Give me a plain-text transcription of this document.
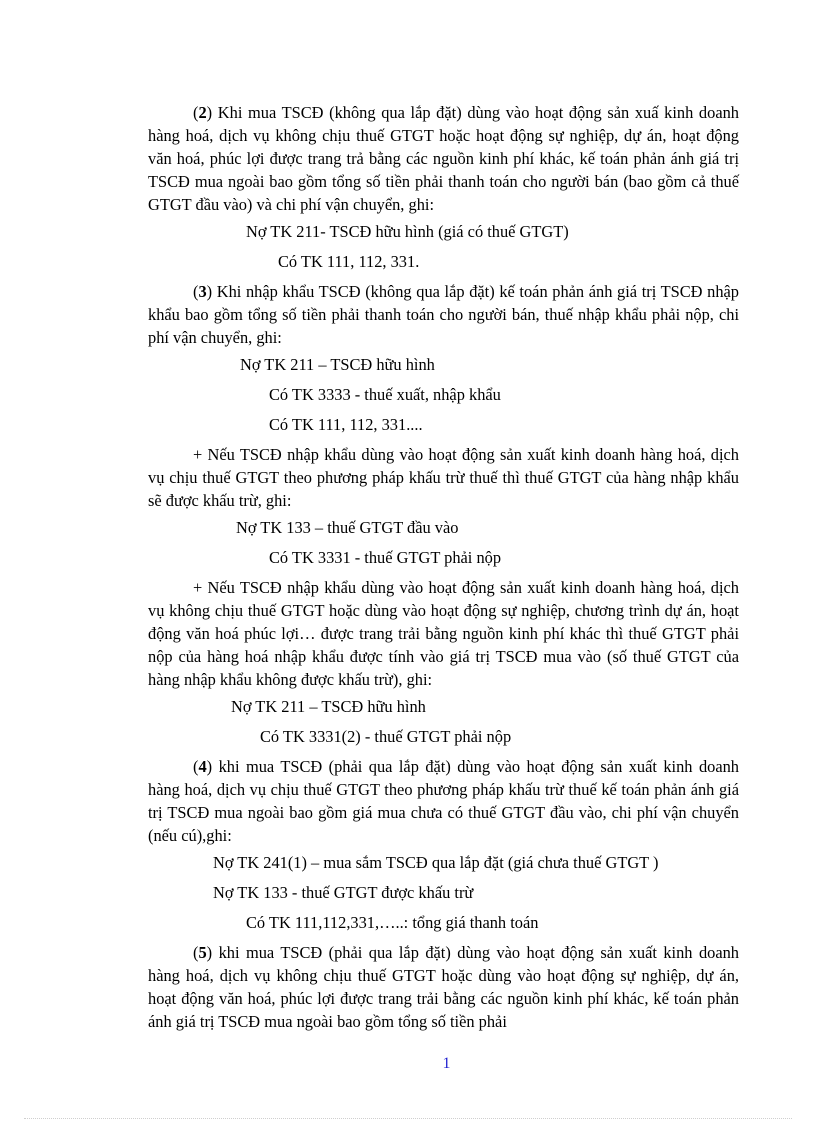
(2) Khi mua TSCĐ (không qua lắp đặt) dùng vào hoạt động sản xuấ kinh doanh hàng hoá, dịch vụ không chịu thuế GTGT hoặc hoạt động sự nghiệp, dự án, hoạt động văn hoá, phúc lợi được trang trả bằng các nguồn kinh phí khác, kế toán phản ánh giá trị TSCĐ mua ngoài bao gồm tổng số tiền phải thanh toán cho người bán (bao gồm cả thuế GTGT đầu vào) và chi phí vận chuyển, ghi:

Nợ TK 211- TSCĐ hữu hình (giá có thuế GTGT)
Có TK 111, 112, 331.

(3) Khi nhập khẩu TSCĐ (không qua lắp đặt) kế toán phản ánh giá trị TSCĐ nhập khẩu bao gồm tổng số tiền phải thanh toán cho người bán, thuế nhập khẩu phải nộp, chi phí vận chuyển, ghi:

Nợ TK 211 – TSCĐ hữu hình
Có TK 3333 - thuế xuất, nhập khẩu
Có TK 111, 112, 331....

+ Nếu TSCĐ nhập khẩu dùng vào hoạt động sản xuất kinh doanh hàng hoá, dịch vụ chịu thuế GTGT theo phương pháp khấu trừ thuế thì thuế GTGT của hàng nhập khẩu sẽ được khấu trừ, ghi:

Nợ TK 133 – thuế GTGT đầu vào
Có TK 3331 - thuế GTGT phải nộp

+ Nếu TSCĐ nhập khẩu dùng vào hoạt động sản xuất kinh doanh hàng hoá, dịch vụ không chịu thuế GTGT hoặc dùng vào hoạt động sự nghiệp, chương trình dự án, hoạt động văn hoá phúc lợi… được trang trải bằng nguồn kinh phí khác thì thuế GTGT phải nộp của hàng hoá nhập khẩu được tính vào giá trị TSCĐ mua vào (số thuế GTGT của hàng nhập khẩu không được khấu trừ), ghi:

Nợ TK 211 – TSCĐ hữu hình
Có TK 3331(2) - thuế GTGT phải nộp

(4) khi mua TSCĐ (phải qua lắp đặt) dùng vào hoạt động sản xuất kinh doanh hàng hoá, dịch vụ chịu thuế GTGT theo phương pháp khấu trừ thuế kế toán phản ánh giá trị TSCĐ mua ngoài bao gồm giá mua chưa có thuế GTGT đầu vào, chi phí vận chuyển (nếu cú),ghi:

Nợ TK 241(1) – mua sắm TSCĐ qua lắp đặt (giá chưa thuế GTGT )
Nợ TK 133 - thuế GTGT được khấu trừ
Có TK 111,112,331,…..: tổng giá thanh toán

(5) khi mua TSCĐ (phải qua lắp đặt) dùng vào hoạt động sản xuất kinh doanh hàng hoá, dịch vụ không chịu thuế GTGT hoặc dùng vào hoạt động sự nghiệp, dự án, hoạt động văn hoá, phúc lợi được trang trải bằng các nguồn kinh phí khác, kế toán phản ánh giá trị TSCĐ mua ngoài bao gồm tổng số tiền phải

1
